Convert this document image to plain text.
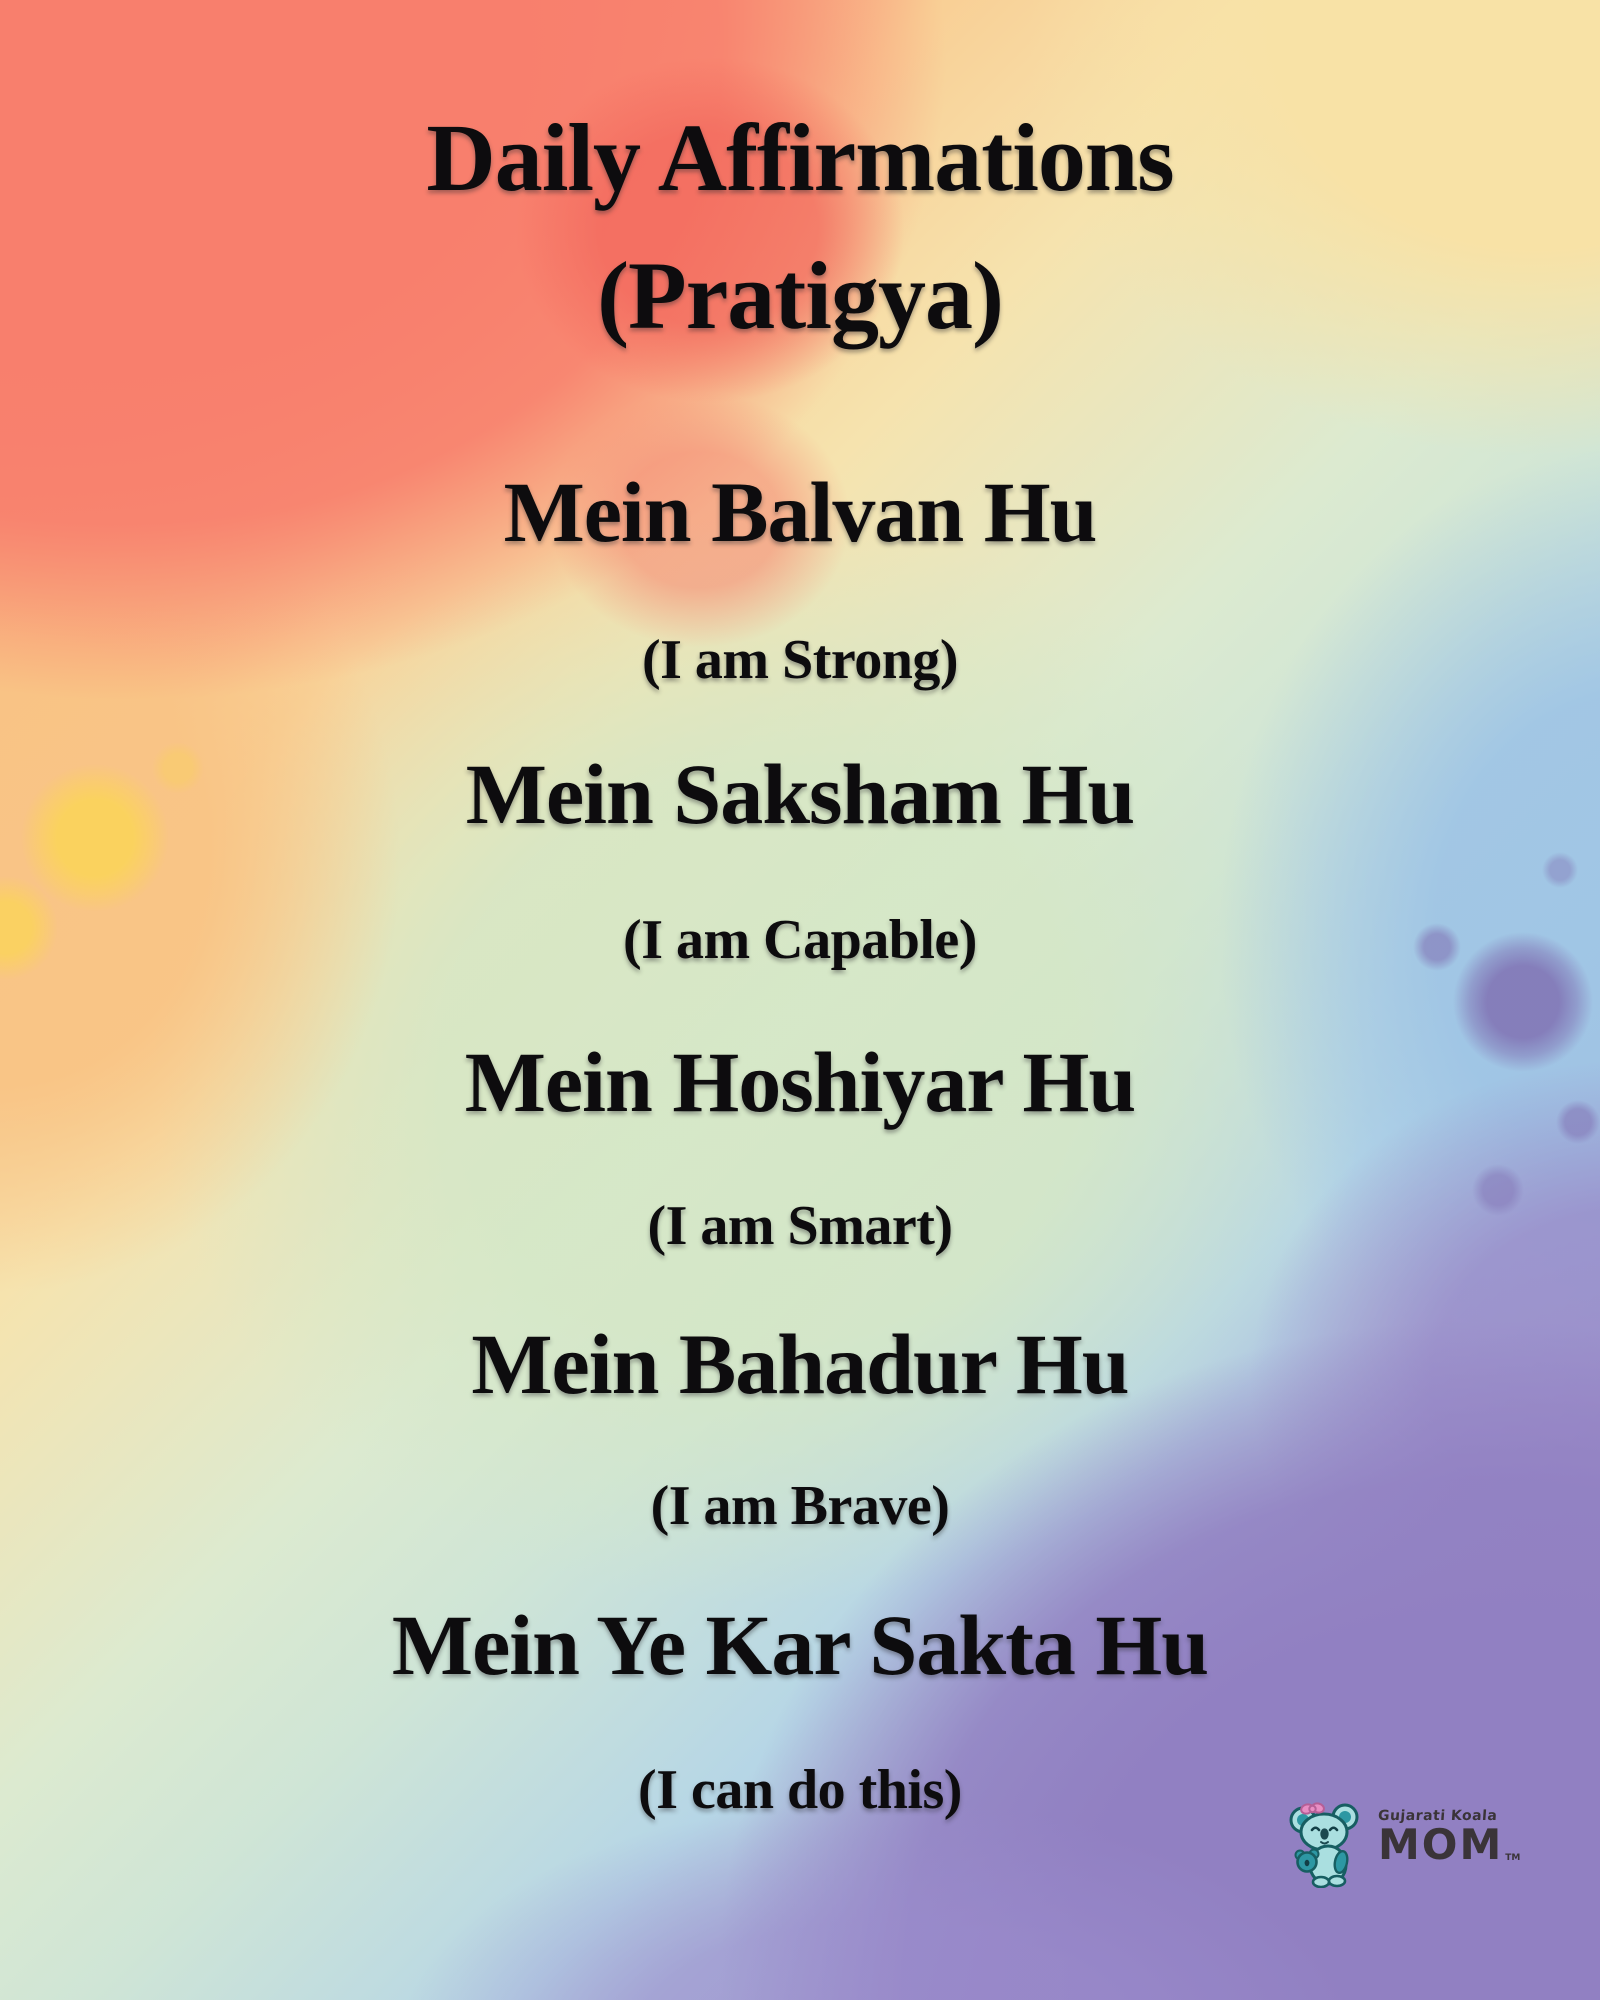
Daily Affirmations
(Pratigya)
Mein Balvan Hu
(I am Strong)
Mein Saksham Hu
(I am Capable)
Mein Hoshiyar Hu
(I am Smart)
Mein Bahadur Hu
(I am Brave)
Mein Ye Kar Sakta Hu
(I can do this)	Gujarati Koala
MOM TM
